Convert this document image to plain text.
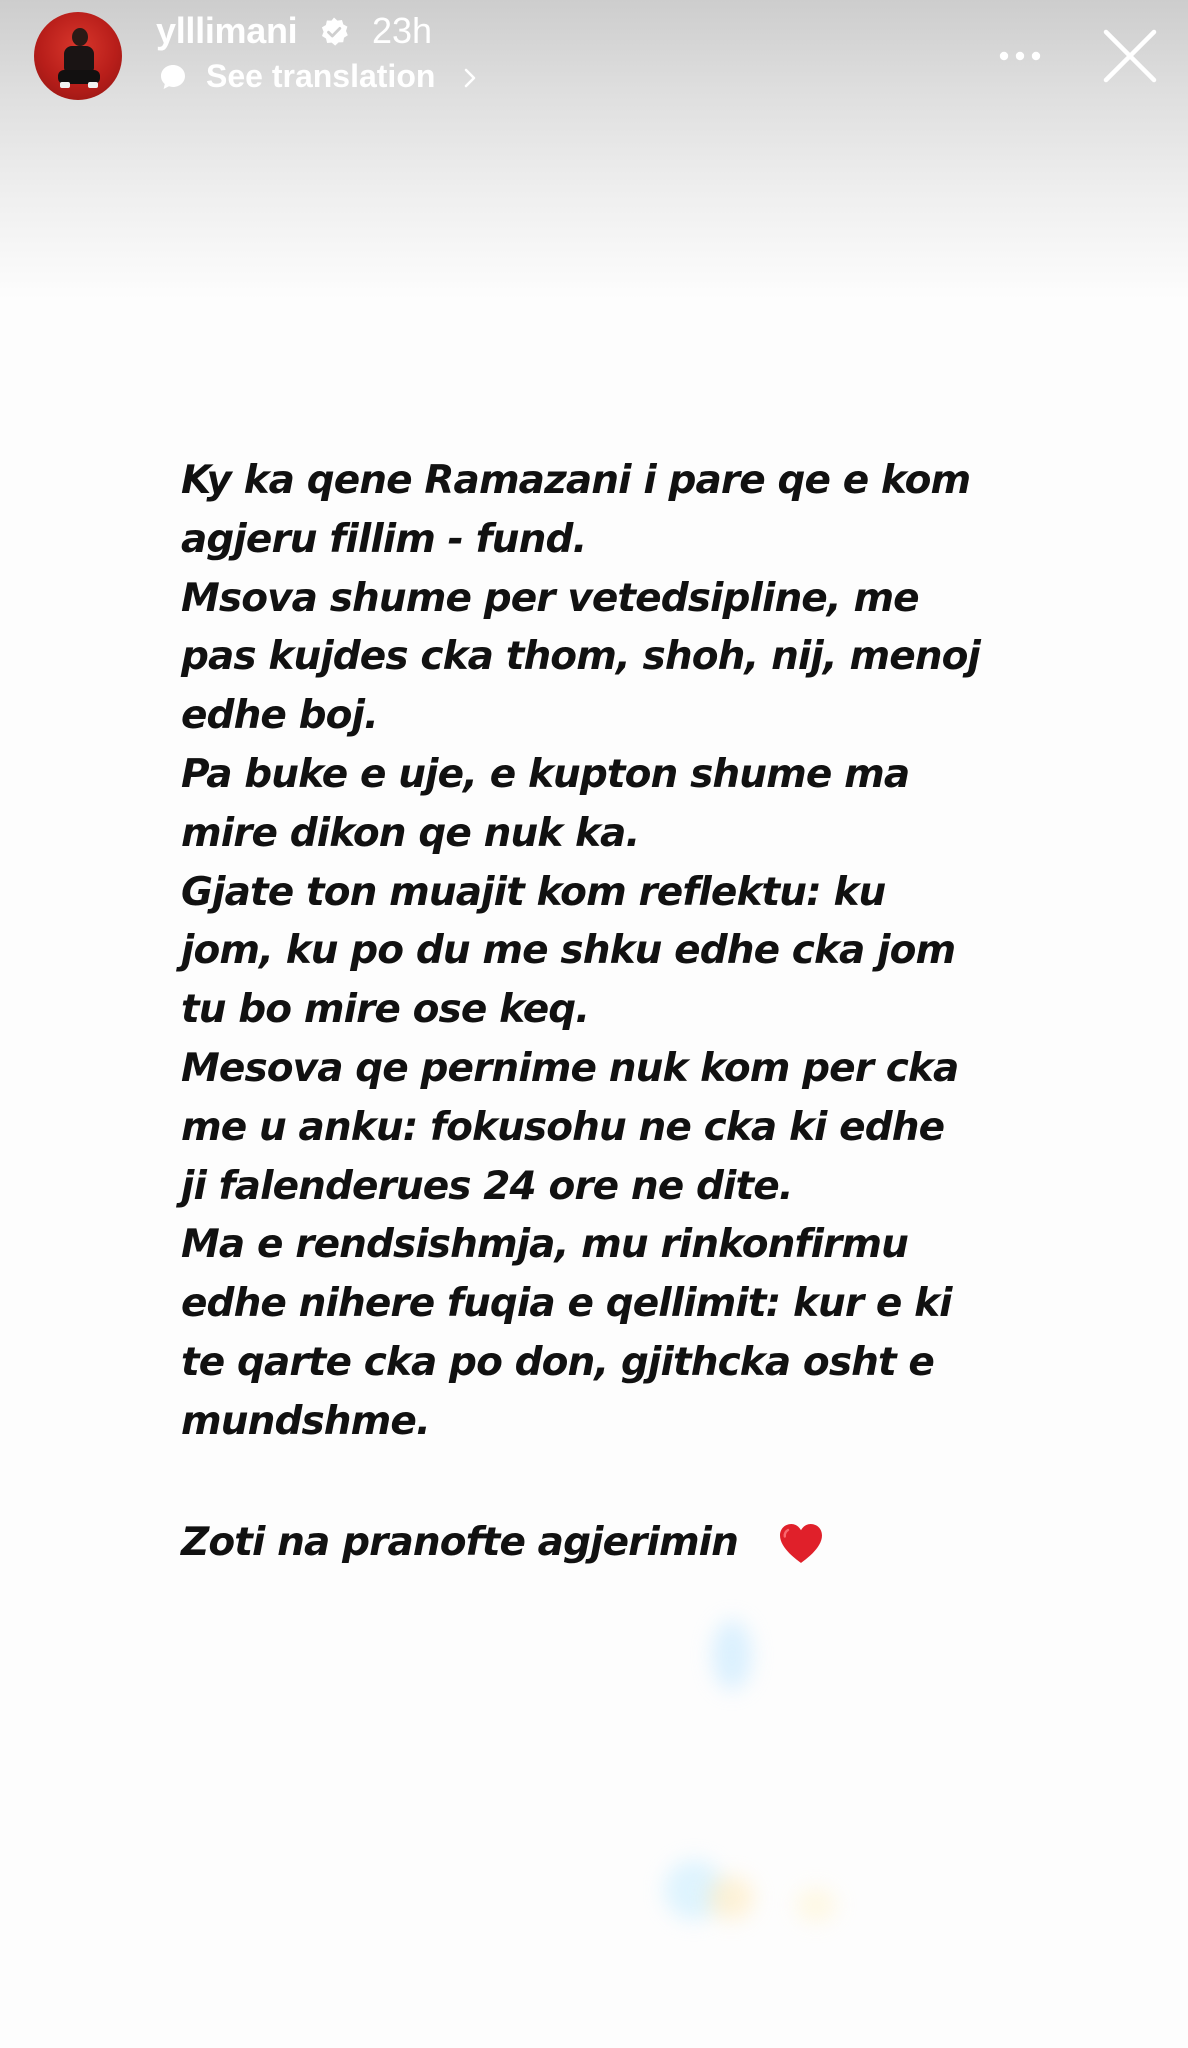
ylllimani 23h
See translation
Ky ka qene Ramazani i pare qe e kom
agjeru fillim - fund.
Msova shume per vetedsipline, me
pas kujdes cka thom, shoh, nij, menoj
edhe boj.
Pa buke e uje, e kupton shume ma
mire dikon qe nuk ka.
Gjate ton muajit kom reflektu: ku
jom, ku po du me shku edhe cka jom
tu bo mire ose keq.
Mesova qe pernime nuk kom per cka
me u anku: fokusohu ne cka ki edhe
ji falenderues 24 ore ne dite.
Ma e rendsishmja, mu rinkonfirmu
edhe nihere fuqia e qellimit: kur e ki
te qarte cka po don, gjithcka osht e
mundshme.
Zoti na pranofte agjerimin
